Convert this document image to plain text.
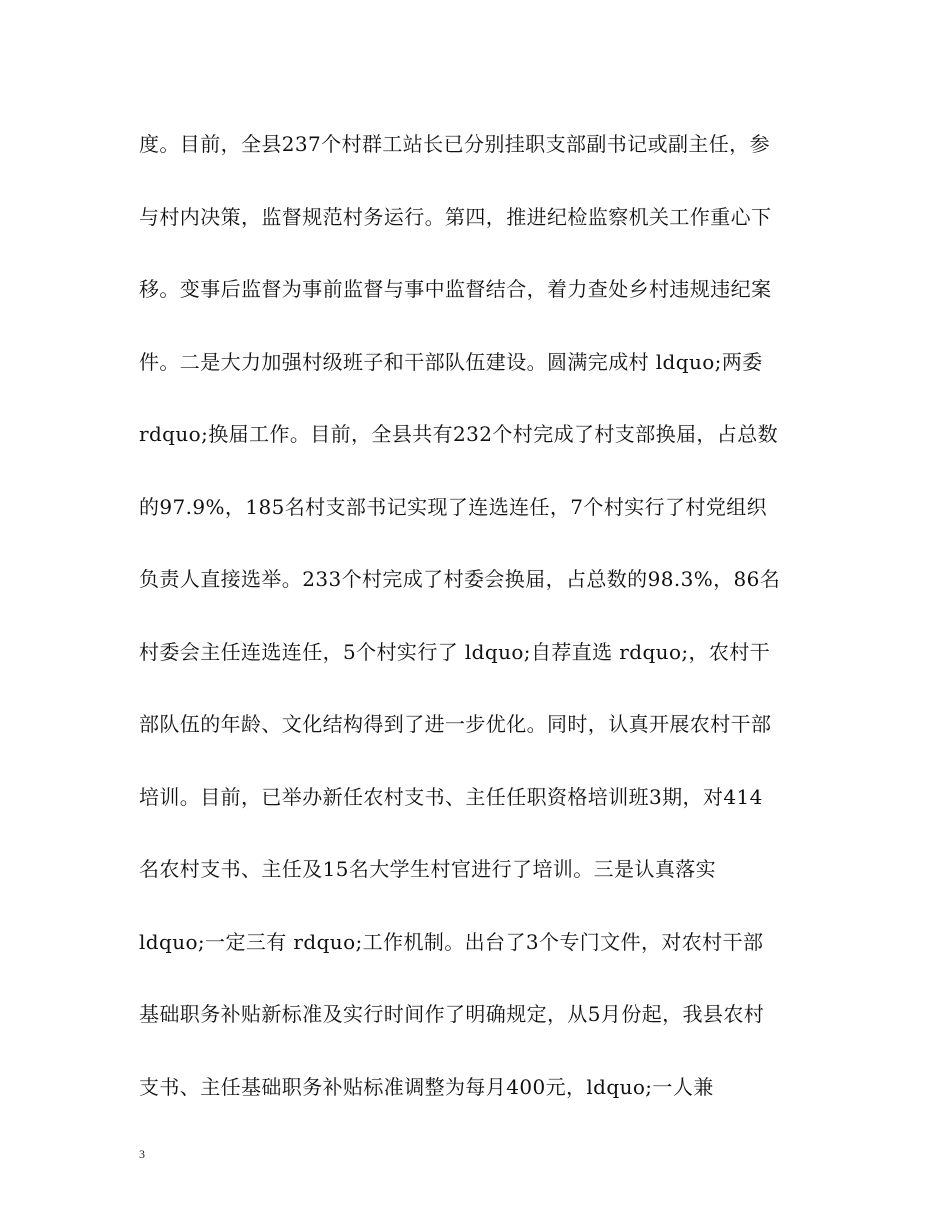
度。目前，全县237个村群工站长已分别挂职支部副书记或副主任，参
与村内决策，监督规范村务运行。第四，推进纪检监察机关工作重心下
移。变事后监督为事前监督与事中监督结合，着力查处乡村违规违纪案
件。二是大力加强村级班子和干部队伍建设。圆满完成村 ldquo;两委
rdquo;换届工作。目前，全县共有232个村完成了村支部换届，占总数
的97.9%，185名村支部书记实现了连选连任，7个村实行了村党组织
负责人直接选举。233个村完成了村委会换届，占总数的98.3%，86名
村委会主任连选连任，5个村实行了 ldquo;自荐直选 rdquo;，农村干
部队伍的年龄、文化结构得到了进一步优化。同时，认真开展农村干部
培训。目前，已举办新任农村支书、主任任职资格培训班3期，对414
名农村支书、主任及15名大学生村官进行了培训。三是认真落实
ldquo;一定三有 rdquo;工作机制。出台了3个专门文件，对农村干部
基础职务补贴新标准及实行时间作了明确规定，从5月份起，我县农村
支书、主任基础职务补贴标准调整为每月400元，ldquo;一人兼
3
